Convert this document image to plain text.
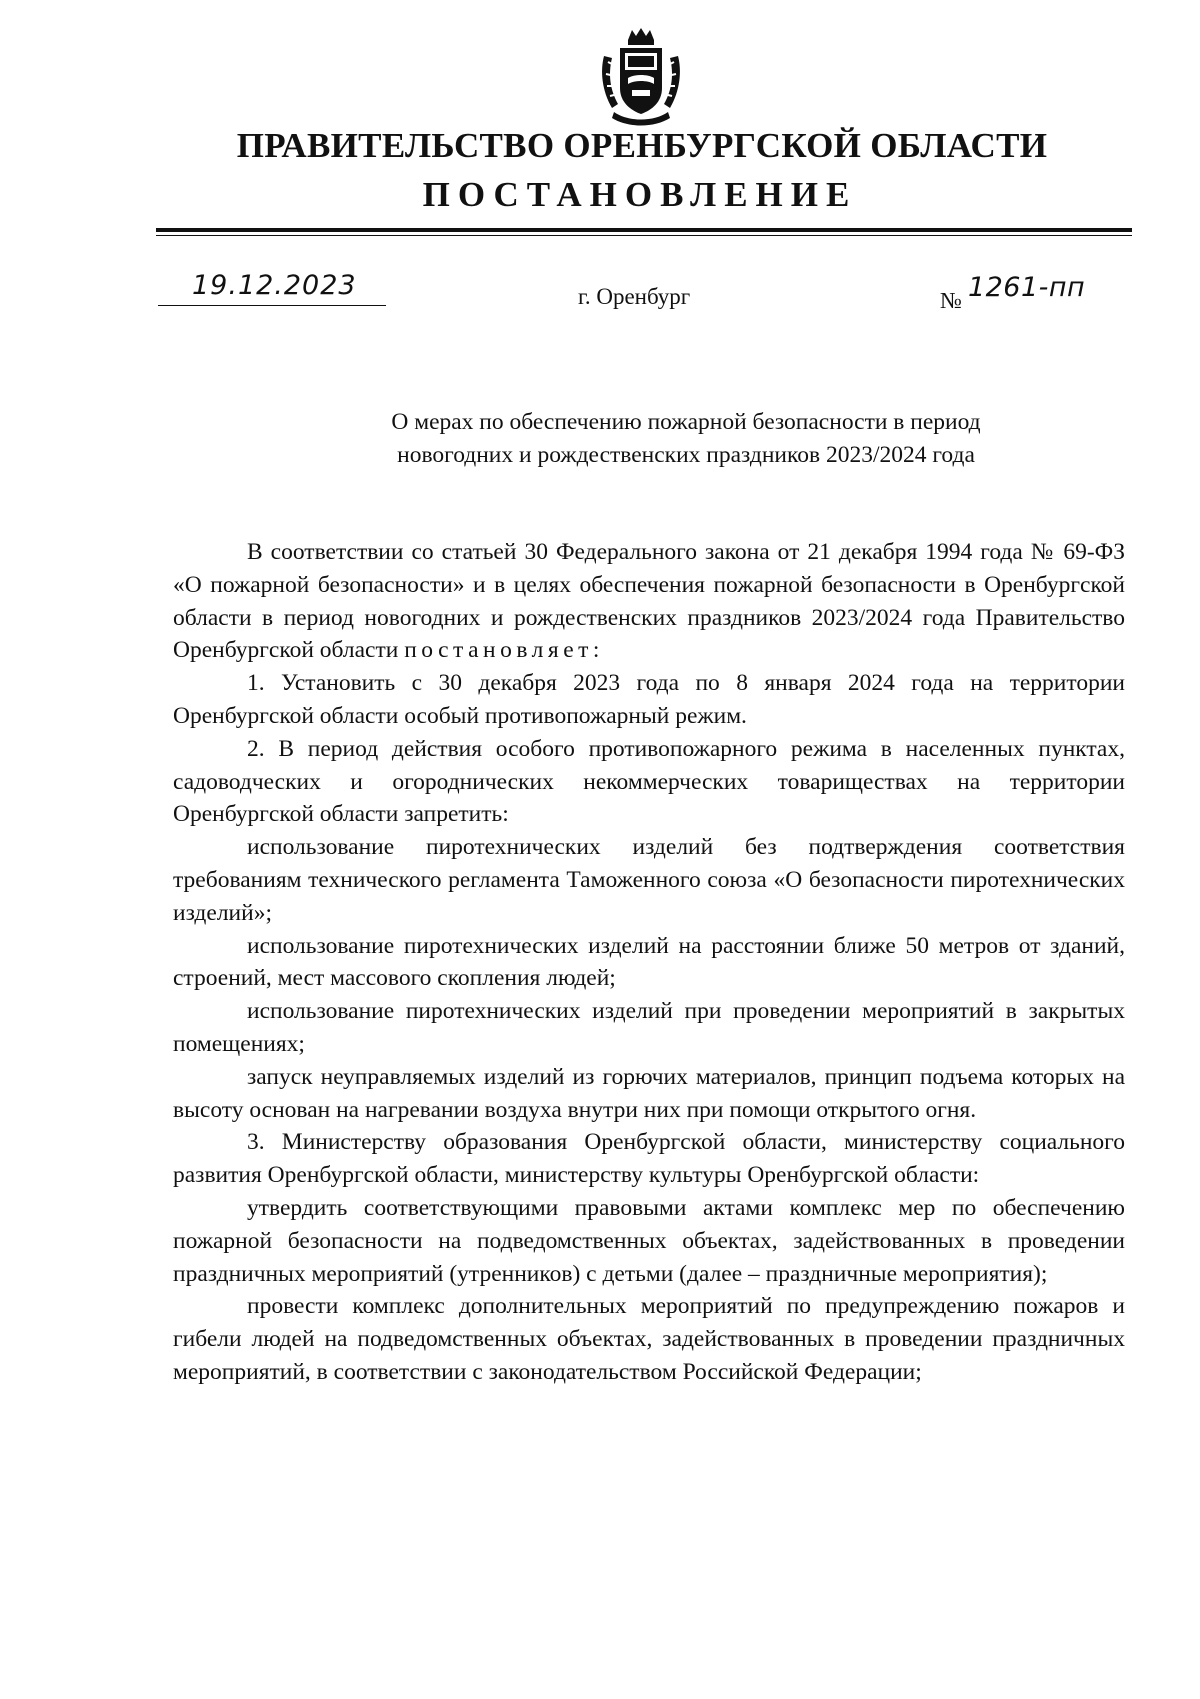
ПРАВИТЕЛЬСТВО ОРЕНБУРГСКОЙ ОБЛАСТИ
ПОСТАНОВЛЕНИЕ
19.12.2023	г. Оренбург	№ 1261-пп
О мерах по обеспечению пожарной безопасности в период
новогодних и рождественских праздников 2023/2024 года

В соответствии со статьей 30 Федерального закона от 21 декабря 1994 года № 69-ФЗ «О пожарной безопасности» и в целях обеспечения пожарной безопасности в Оренбургской области в период новогодних и рождественских праздников 2023/2024 года Правительство Оренбургской области постановляет:

1. Установить с 30 декабря 2023 года по 8 января 2024 года на территории Оренбургской области особый противопожарный режим.

2. В период действия особого противопожарного режима в населенных пунктах, садоводческих и огороднических некоммерческих товариществах на территории Оренбургской области запретить:

использование пиротехнических изделий без подтверждения соответствия требованиям технического регламента Таможенного союза «О безопасности пиротехнических изделий»;

использование пиротехнических изделий на расстоянии ближе 50 метров от зданий, строений, мест массового скопления людей;

использование пиротехнических изделий при проведении мероприятий в закрытых помещениях;

запуск неуправляемых изделий из горючих материалов, принцип подъема которых на высоту основан на нагревании воздуха внутри них при помощи открытого огня.

3. Министерству образования Оренбургской области, министерству социального развития Оренбургской области, министерству культуры Оренбургской области:

утвердить соответствующими правовыми актами комплекс мер по обеспечению пожарной безопасности на подведомственных объектах, задействованных в проведении праздничных мероприятий (утренников) с детьми (далее – праздничные мероприятия);

провести комплекс дополнительных мероприятий по предупреждению пожаров и гибели людей на подведомственных объектах, задействованных в проведении праздничных мероприятий, в соответствии с законодательством Российской Федерации;
